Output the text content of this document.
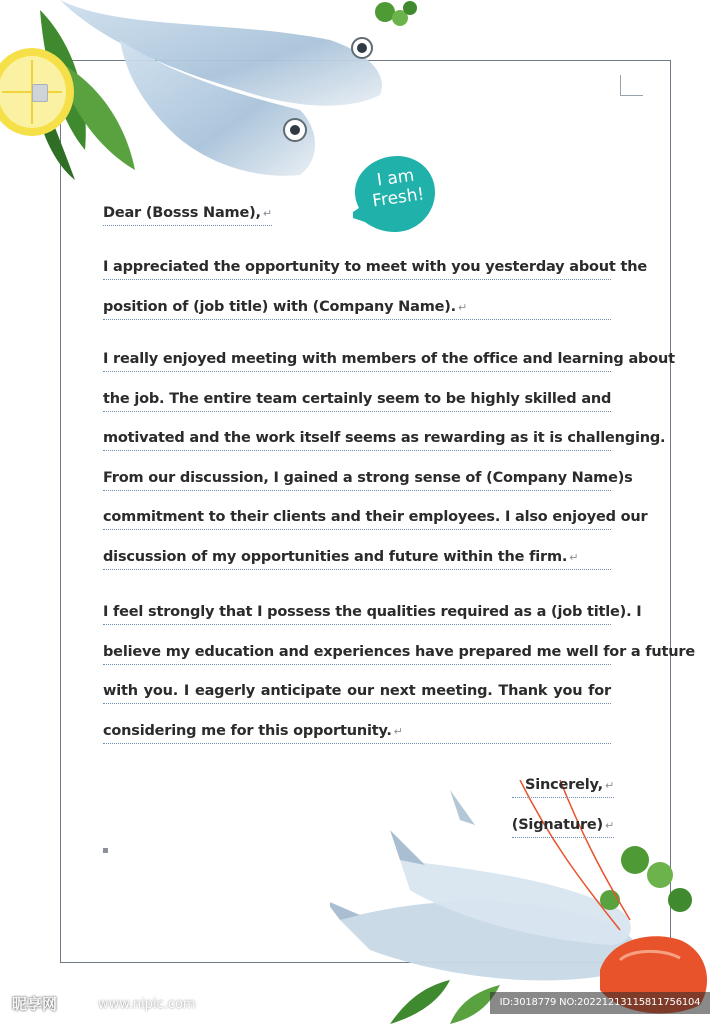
I am
Fresh!
Dear (Bosss Name), ↵
I appreciated the opportunity to meet with you yesterday about the
position of (job title) with (Company Name). ↵
I really enjoyed meeting with members of the office and learning about
the job. The entire team certainly seem to be highly skilled and
motivated and the work itself seems as rewarding as it is challenging.
From our discussion, I gained a strong sense of (Company Name)s
commitment to their clients and their employees. I also enjoyed our
discussion of my opportunities and future within the firm. ↵
I feel strongly that I possess the qualities required as a (job title). I
believe my education and experiences have prepared me well for a future
with you. I eagerly anticipate our next meeting. Thank you for
considering me for this opportunity. ↵
Sincerely, ↵
(Signature) ↵
▪
昵享网	www.nipic.com	ID:3018779 NO:20221213115811756104
